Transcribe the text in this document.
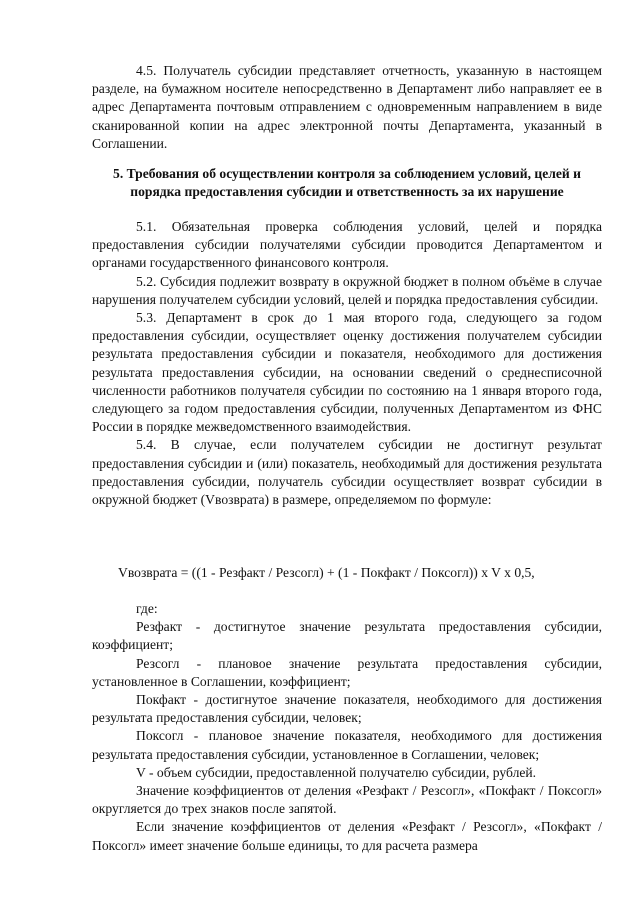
4.5. Получатель субсидии представляет отчетность, указанную в настоящем разделе, на бумажном носителе непосредственно в Департамент либо направляет ее в адрес Департамента почтовым отправлением с одновременным направлением в виде сканированной копии на адрес электронной почты Департамента, указанный в Соглашении.

5. Требования об осуществлении контроля за соблюдением условий, целей и порядка предоставления субсидии и ответственность за их нарушение

5.1. Обязательная проверка соблюдения условий, целей и порядка предоставления субсидии получателями субсидии проводится Департаментом и органами государственного финансового контроля.

5.2. Субсидия подлежит возврату в окружной бюджет в полном объёме в случае нарушения получателем субсидии условий, целей и порядка предоставления субсидии.

5.3. Департамент в срок до 1 мая второго года, следующего за годом предоставления субсидии, осуществляет оценку достижения получателем субсидии результата предоставления субсидии и показателя, необходимого для достижения результата предоставления субсидии, на основании сведений о среднесписочной численности работников получателя субсидии по состоянию на 1 января второго года, следующего за годом предоставления субсидии, полученных Департаментом из ФНС России в порядке межведомственного взаимодействия.

5.4. В случае, если получателем субсидии не достигнут результат предоставления субсидии и (или) показатель, необходимый для достижения результата предоставления субсидии, получатель субсидии осуществляет возврат субсидии в окружной бюджет (Vвозврата) в размере, определяемом по формуле:

Vвозврата = ((1 - Резфакт / Резсогл) + (1 - Покфакт / Поксогл)) x V x 0,5,

где:

Резфакт - достигнутое значение результата предоставления субсидии, коэффициент;

Резсогл - плановое значение результата предоставления субсидии, установленное в Соглашении, коэффициент;

Покфакт - достигнутое значение показателя, необходимого для достижения результата предоставления субсидии, человек;

Поксогл - плановое значение показателя, необходимого для достижения результата предоставления субсидии, установленное в Соглашении, человек;

V - объем субсидии, предоставленной получателю субсидии, рублей.

Значение коэффициентов от деления «Резфакт / Резсогл», «Покфакт / Поксогл» округляется до трех знаков после запятой.

Если значение коэффициентов от деления «Резфакт / Резсогл», «Покфакт / Поксогл» имеет значение больше единицы, то для расчета размера
